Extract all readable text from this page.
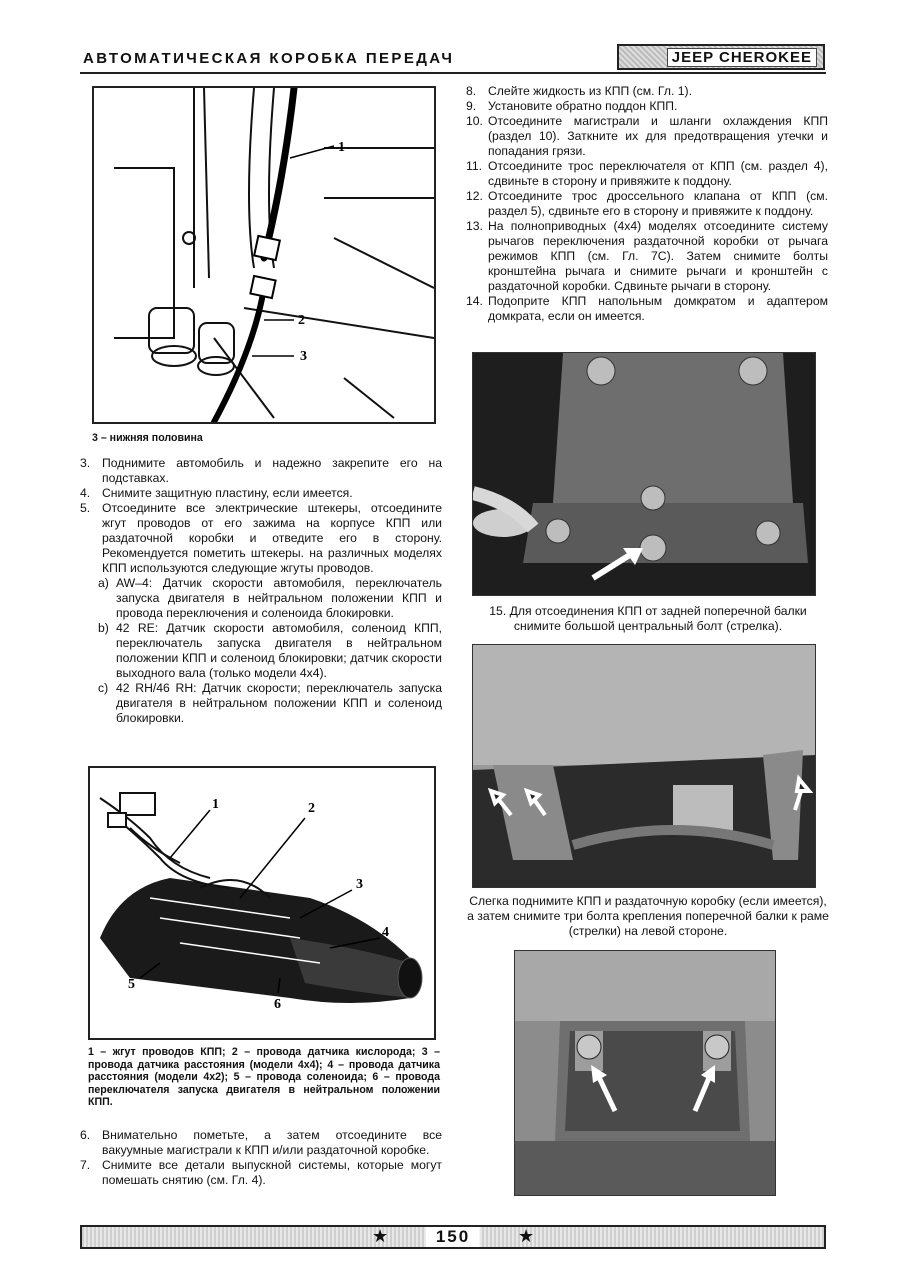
АВТОМАТИЧЕСКАЯ КОРОБКА ПЕРЕДАЧ	JEEP CHEROKEE
1
2
3
3 – нижняя половина
3. Поднимите автомобиль и надежно закрепите его на подставках.
4. Снимите защитную пластину, если имеется.
5. Отсоедините все электрические штекеры, отсоедините жгут проводов от его зажима на корпусе КПП или раздаточной коробки и отведите его в сторону. Рекомендуется пометить штекеры. на различных моделях КПП используются следующие жгуты проводов.
a) AW–4: Датчик скорости автомобиля, переключатель запуска двигателя в нейтральном положении КПП и провода переключения и соленоида блокировки.
b) 42 RE: Датчик скорости автомобиля, соленоид КПП, переключатель запуска двигателя в нейтральном положении КПП и соленоид блокировки; датчик скорости выходного вала (только модели 4x4).
c) 42 RH/46 RH: Датчик скорости; переключатель запуска двигателя в нейтральном положении КПП и соленоид блокировки.
1	2
3
4
5
6
1 – жгут проводов КПП; 2 – провода датчика кислорода; 3 – провода датчика расстояния (модели 4x4); 4 – провода датчика расстояния (модели 4x2); 5 – провода соленоида; 6 – провода переключателя запуска двигателя в нейтральном положении КПП.
6. Внимательно пометьте, а затем отсоедините все вакуумные магистрали к КПП и/или раздаточной коробке.
7. Снимите все детали выпускной системы, которые могут помешать снятию (см. Гл. 4).
8. Слейте жидкость из КПП (см. Гл. 1).
9. Установите обратно поддон КПП.
10. Отсоедините магистрали и шланги охлаждения КПП (раздел 10). Заткните их для предотвращения утечки и попадания грязи.
11. Отсоедините трос переключателя от КПП (см. раздел 4), сдвиньте в сторону и привяжите к поддону.
12. Отсоедините трос дроссельного клапана от КПП (см. раздел 5), сдвиньте его в сторону и привяжите к поддону.
13. На полноприводных (4x4) моделях отсоедините систему рычагов переключения раздаточной коробки от рычага режимов КПП (см. Гл. 7С). Затем снимите болты кронштейна рычага и снимите рычаги и кронштейн с раздаточной коробки. Сдвиньте рычаги в сторону.
14. Подоприте КПП напольным домкратом и адаптером домкрата, если он имеется.
15. Для отсоединения КПП от задней поперечной балки снимите большой центральный болт (стрелка).
Слегка поднимите КПП и раздаточную коробку (если имеется), а затем снимите три болта крепления поперечной балки к раме (стрелки) на левой стороне.
★	150	★
